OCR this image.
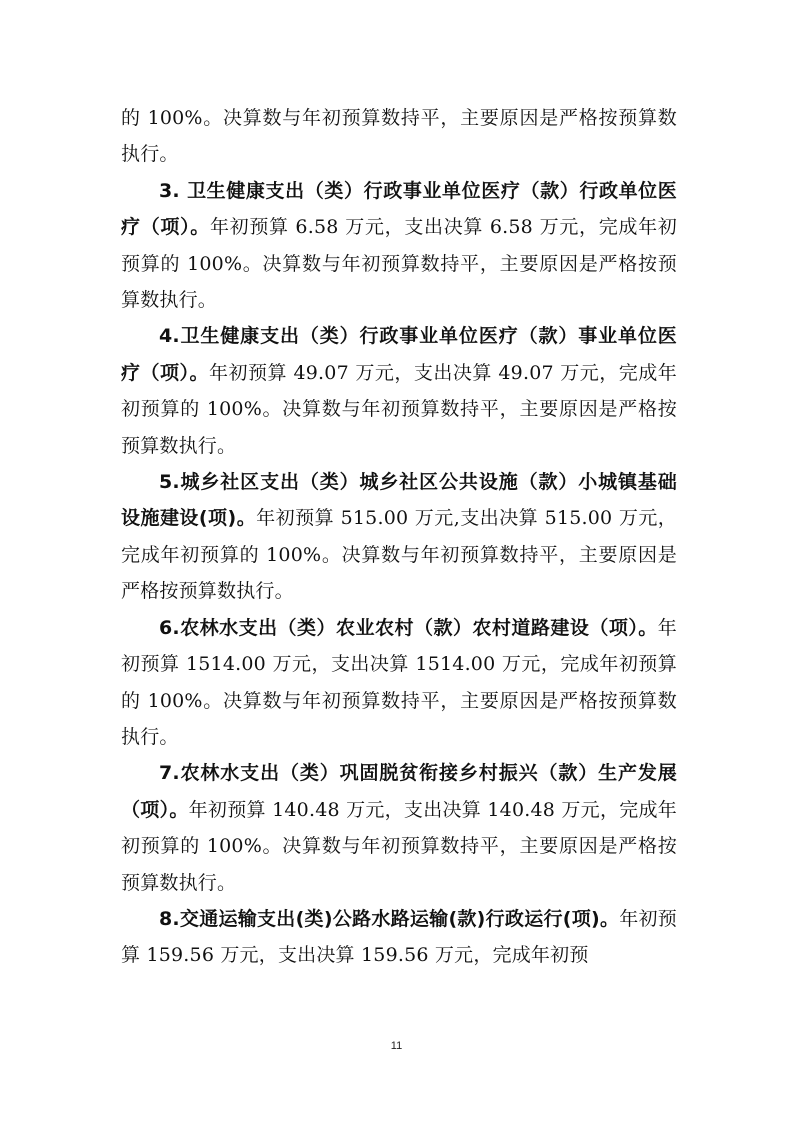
的 100%。决算数与年初预算数持平，主要原因是严格按预算数执行。

3. 卫生健康支出（类）行政事业单位医疗（款）行政单位医疗（项）。年初预算 6.58 万元，支出决算 6.58 万元，完成年初预算的 100%。决算数与年初预算数持平，主要原因是严格按预算数执行。

4.卫生健康支出（类）行政事业单位医疗（款）事业单位医疗（项）。年初预算 49.07 万元，支出决算 49.07 万元，完成年初预算的 100%。决算数与年初预算数持平，主要原因是严格按预算数执行。

5.城乡社区支出（类）城乡社区公共设施（款）小城镇基础设施建设(项)。年初预算 515.00 万元,支出决算 515.00 万元，完成年初预算的 100%。决算数与年初预算数持平，主要原因是严格按预算数执行。

6.农林水支出（类）农业农村（款）农村道路建设（项）。年初预算 1514.00 万元，支出决算 1514.00 万元，完成年初预算的 100%。决算数与年初预算数持平，主要原因是严格按预算数执行。

7.农林水支出（类）巩固脱贫衔接乡村振兴（款）生产发展（项）。年初预算 140.48 万元，支出决算 140.48 万元，完成年初预算的 100%。决算数与年初预算数持平，主要原因是严格按预算数执行。

8.交通运输支出(类)公路水路运输(款)行政运行(项)。年初预算 159.56 万元，支出决算 159.56 万元，完成年初预

11
